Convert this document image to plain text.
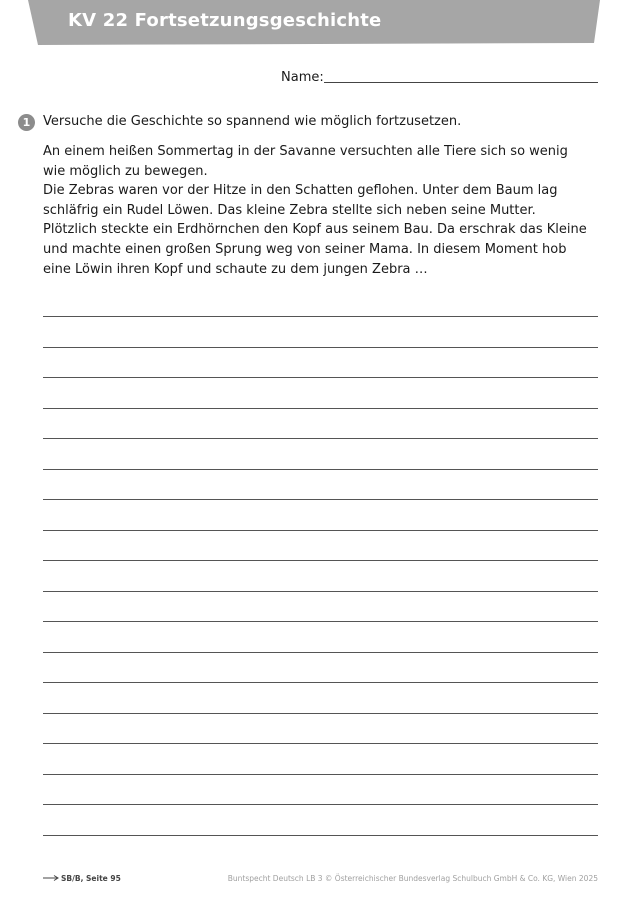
KV 22 Fortsetzungsgeschichte
Name:
1 Versuche die Geschichte so spannend wie möglich fortzusetzen.

An einem heißen Sommertag in der Savanne versuchten alle Tiere sich so wenig wie möglich zu bewegen.

Die Zebras waren vor der Hitze in den Schatten geflohen. Unter dem Baum lag schläfrig ein Rudel Löwen. Das kleine Zebra stellte sich neben seine Mutter.

Plötzlich steckte ein Erdhörnchen den Kopf aus seinem Bau. Da erschrak das Kleine und machte einen großen Sprung weg von seiner Mama. In diesem Moment hob eine Löwin ihren Kopf und schaute zu dem jungen Zebra …

SB/B, Seite 95	Buntspecht Deutsch LB 3 © Österreichischer Bundesverlag Schulbuch GmbH & Co. KG, Wien 2025
